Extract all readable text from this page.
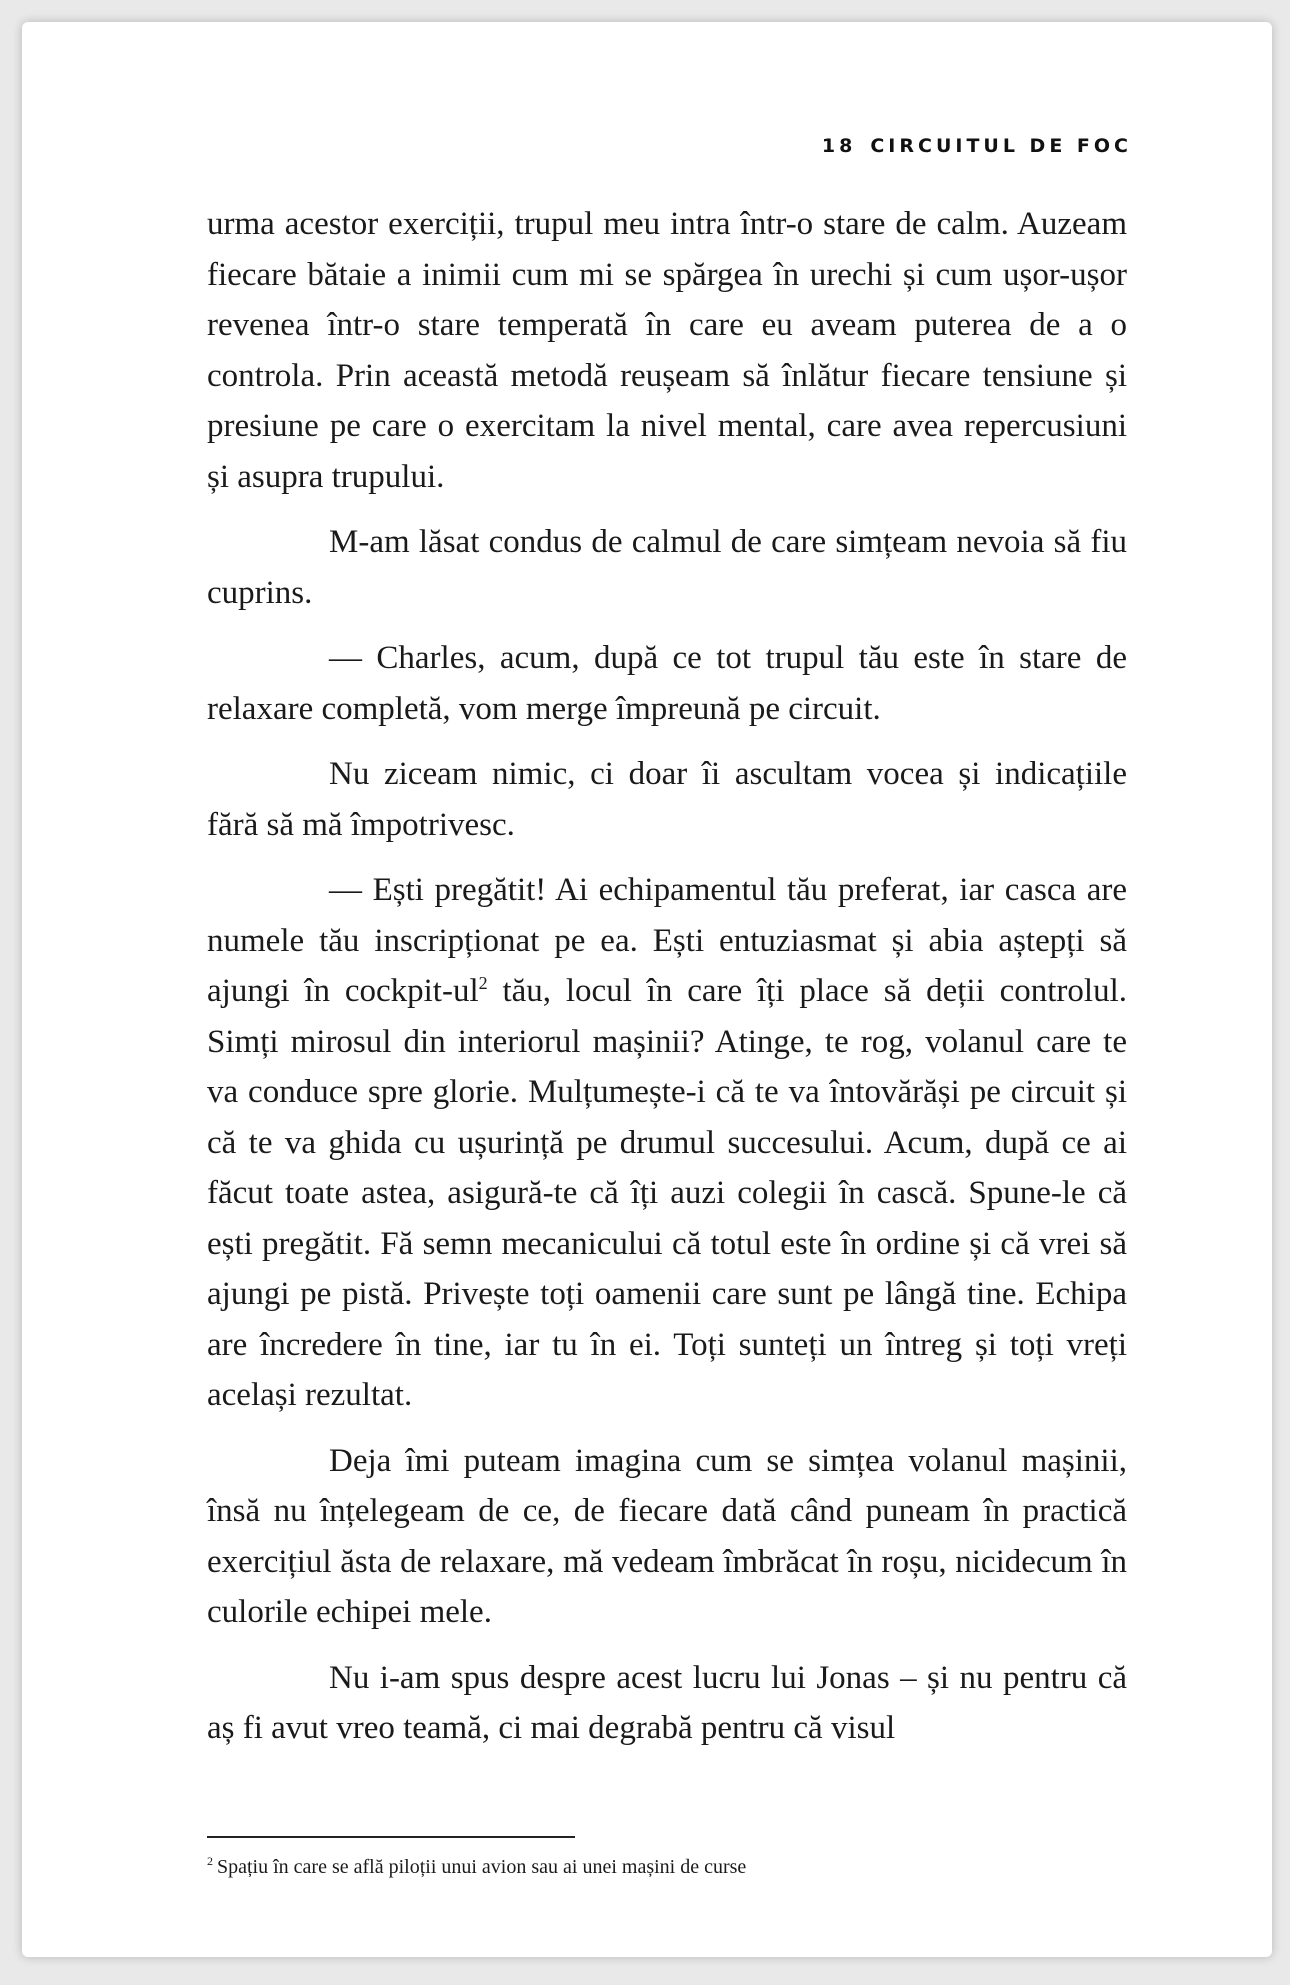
18 CIRCUITUL DE FOC

urma acestor exerciții, trupul meu intra într-o stare de calm. Auzeam fiecare bătaie a inimii cum mi se spărgea în urechi și cum ușor-ușor revenea într-o stare temperată în care eu aveam puterea de a o controla. Prin această metodă reușeam să înlătur fiecare tensiune și presiune pe care o exercitam la nivel mental, care avea repercusiuni și asupra trupului.

M-am lăsat condus de calmul de care simțeam nevoia să fiu cuprins.

— Charles, acum, după ce tot trupul tău este în stare de relaxare completă, vom merge împreună pe circuit.

Nu ziceam nimic, ci doar îi ascultam vocea și indicațiile fără să mă împotrivesc.

— Ești pregătit! Ai echipamentul tău preferat, iar casca are numele tău inscripționat pe ea. Ești entuziasmat și abia aștepți să ajungi în cockpit-$ul^2$ tău, locul în care îți place să deții controlul. Simți mirosul din interiorul mașinii? Atinge, te rog, volanul care te va conduce spre glorie. Mulțumește-i că te va întovărăși pe circuit și că te va ghida cu ușurință pe drumul succesului. Acum, după ce ai făcut toate astea, asigură-te că îți auzi colegii în cască. Spune-le că ești pregătit. Fă semn mecanicului că totul este în ordine și că vrei să ajungi pe pistă. Privește toți oamenii care sunt pe lângă tine. Echipa are încredere în tine, iar tu în ei. Toți sunteți un întreg și toți vreți același rezultat.

Deja îmi puteam imagina cum se simțea volanul mașinii, însă nu înțelegeam de ce, de fiecare dată când puneam în practică exercițiul ăsta de relaxare, mă vedeam îmbrăcat în roșu, nicidecum în culorile echipei mele.

Nu i-am spus despre acest lucru lui Jonas – și nu pentru că aș fi avut vreo teamă, ci mai degrabă pentru că visul

$^2$ Spațiu în care se află piloții unui avion sau ai unei mașini de curse
